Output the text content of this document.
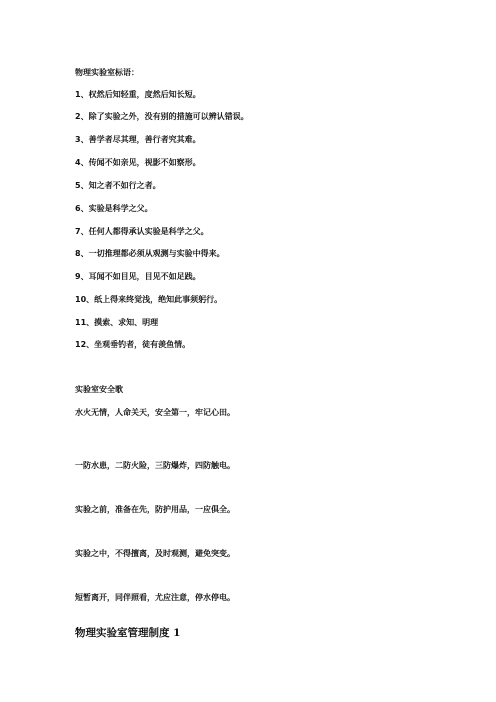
物理实验室标语：
1、权然后知轻重，度然后知长短。
2、除了实验之外，没有别的措施可以辨认错误。
3、善学者尽其理，善行者究其难。
4、传闻不如亲见，视影不如察形。
5、知之者不如行之者。
6、实验是科学之父。
7、任何人都得承认实验是科学之父。
8、一切推理都必须从观测与实验中得来。
9、耳闻不如目见，目见不如足践。
10、纸上得来终觉浅，绝知此事须躬行。
11、摸索、求知、明理
12、坐观垂钓者，徒有羡鱼情。
实验室安全歌
水火无情，人命关天，安全第一，牢记心田。
一防水患，二防火险，三防爆炸，四防触电。
实验之前，准备在先，防护用品，一应俱全。
实验之中，不得擅离，及时观测，避免突变。
短暂离开，同伴照看，尤应注意，停水停电。
物理实验室管理制度 1
